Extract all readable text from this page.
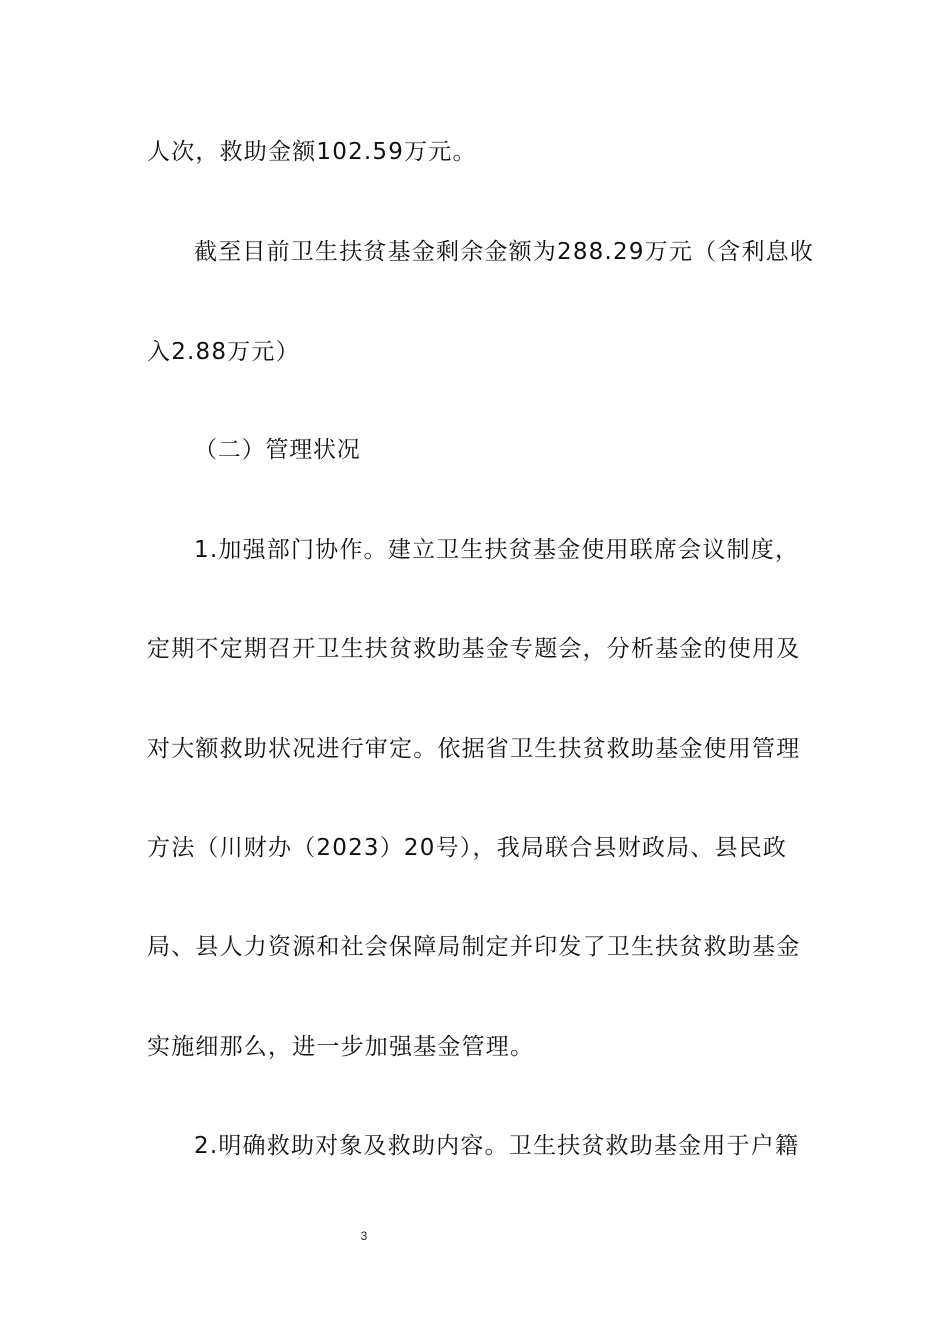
人次，救助金额102.59万元。
截至目前卫生扶贫基金剩余金额为288.29万元（含利息收
入2.88万元）
（二）管理状况
1.加强部门协作。建立卫生扶贫基金使用联席会议制度，
定期不定期召开卫生扶贫救助基金专题会，分析基金的使用及
对大额救助状况进行审定。依据省卫生扶贫救助基金使用管理
方法（川财办（2023）20号），我局联合县财政局、县民政
局、县人力资源和社会保障局制定并印发了卫生扶贫救助基金
实施细那么，进一步加强基金管理。
2.明确救助对象及救助内容。卫生扶贫救助基金用于户籍
3
